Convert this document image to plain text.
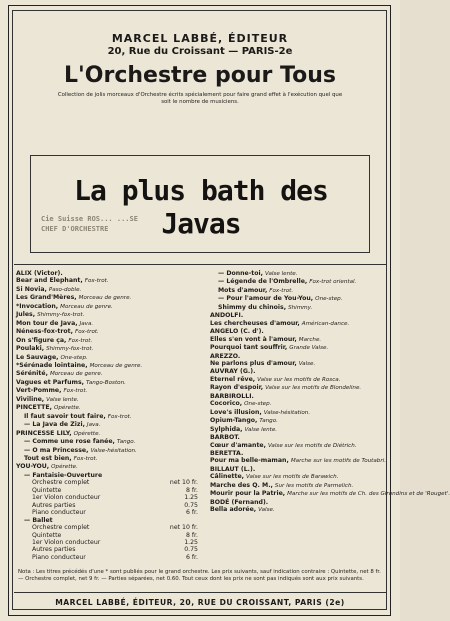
MARCEL LABBÉ, ÉDITEUR
20, Rue du Croissant — PARIS-2e
L'Orchestre pour Tous
Collection de jolis morceaux d'Orchestre écrits spécialement pour faire grand effet à l'exécution quel que soit le nombre de musiciens.
La plus bath des Javas
Cie Suisse ROS... ...SE
CHEF D'ORCHESTRE
ALIX (Victor).
Bear and Elephant, Fox-trot.
Si Novia, Paso-doble.
Les Grand'Mères, Morceau de genre.
*Invocation, Morceau de genre.
Jules, Shimmy-fox-trot.
Mon tour de Java, Java.
Néness-fox-trot, Fox-trot.
On s'figure ça, Fox-trot.
Poulaki, Shimmy-fox-trot.
Le Sauvage, One-step.
*Sérénade lointaine, Morceau de genre.
Sérénité, Morceau de genre.
Vagues et Parfums, Tango-Boston.
Vert-Pomme, Fox-trot.
Viviline, Valse lente.
PINCETTE, Opérette.
Il faut savoir tout faire, Fox-trot.
— La Java de Zizi, Java.
PRINCESSE LILY, Opérette.
— Comme une rose fanée, Tango.
— O ma Princesse, Valse-hésitation.
Tout est bien, Fox-trot.
YOU-YOU, Opérette.
— Fantaisie-Ouverture
net 10 fr.
Orchestre complet
8 fr.
Quintette
1.25
1er Violon conducteur
0.75
Autres parties
6 fr.
Piano conducteur
— Ballet
net 10 fr.
Orchestre complet
8 fr.
Quintette
1.25
1er Violon conducteur
0.75
Autres parties
6 fr.
Piano conducteur
— Donne-toi, Valse lente.
— Légende de l'Ombrelle, Fox-trot oriental.
Mots d'amour, Fox-trot.
— Pour l'amour de You-You, One-step.
Shimmy du chinois, Shimmy.
ANDOLFI.
Les chercheuses d'amour, Américan-dance.
ANGELO (C. d').
Elles s'en vont à l'amour, Marche.
Pourquoi tant souffrir, Grande Valse.
AREZZO.
Ne parlons plus d'amour, Valse.
AUVRAY (G.).
Eternel rêve, Valse sur les motifs de Rosca.
Rayon d'espoir, Valse sur les motifs de Blondeline.
BARBIROLLI.
Cocorico, One-step.
Love's illusion, Valse-hésitation.
Opium-Tango, Tango.
Sylphida, Valse lente.
BARBOT.
Cœur d'amante, Valse sur les motifs de Diétrich.
BERETTA.
Pour ma belle-maman, Marche sur les motifs de Toutabri.
BILLAUT (L.).
Câlinette, Valse sur les motifs de Barawich.
Marche des Q. M., Sur les motifs de Parmelich.
Mourir pour la Patrie, Marche sur les motifs de Ch. des Girondins et de 'Rouget'.
BODÉ (Fernand).
Bella adorée, Valse.
Nota : Les titres précédés d'une * sont publiés pour le grand orchestre. Les prix suivants, sauf indication contraire : Quintette, net 8 fr. — Orchestre complet, net 9 fr. — Parties séparées, net 0.60. Tout ceux dont les prix ne sont pas indiqués sont aux prix suivants.
MARCEL LABBÉ, ÉDITEUR, 20, RUE DU CROISSANT, PARIS (2e)
